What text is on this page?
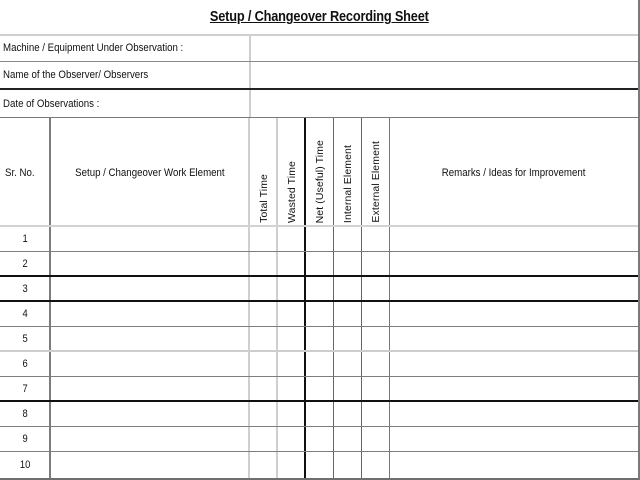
Setup / Changeover Recording Sheet
Machine / Equipment Under Observation :
Name of the Observer/ Observers
Date of Observations :
Sr. No.	Setup / Changeover Work Element
Total Time Wasted Time Net (Useful) Time Internal Element External Element	Remarks / Ideas for Improvement
1
2
3
4
5
6
7
8
9
10
